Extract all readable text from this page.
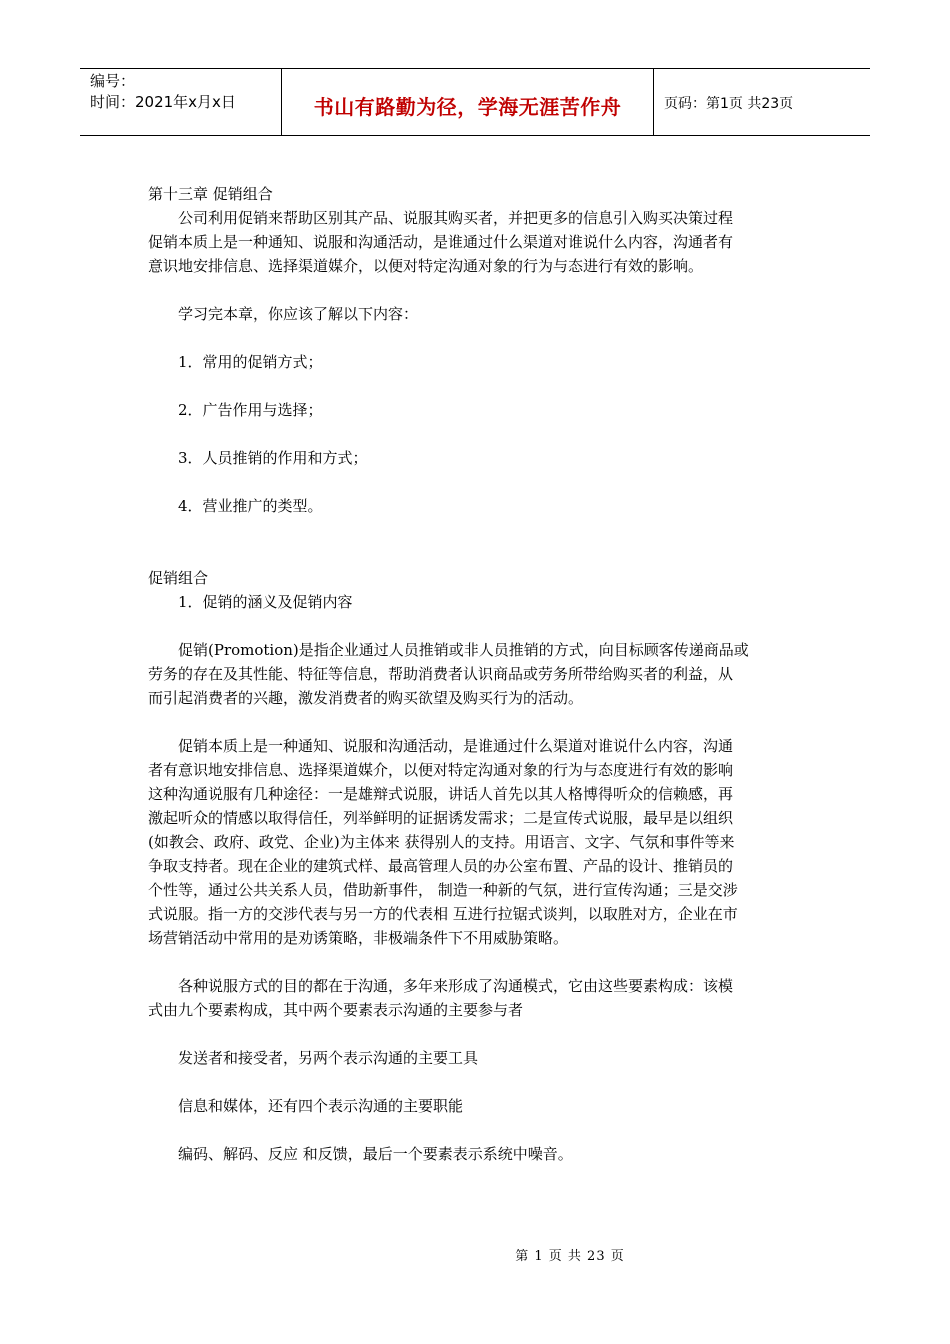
编号：
时间：2021年x月x日	书山有路勤为径，学海无涯苦作舟	页码：第1页 共23页
第十三章 促销组合
公司利用促销来帮助区别其产品、说服其购买者，并把更多的信息引入购买决策过程
促销本质上是一种通知、说服和沟通活动，是谁通过什么渠道对谁说什么内容，沟通者有
意识地安排信息、选择渠道媒介，以便对特定沟通对象的行为与态进行有效的影响。
学习完本章，你应该了解以下内容：
1．常用的促销方式；
2．广告作用与选择；
3．人员推销的作用和方式；
4．营业推广的类型。
促销组合
1．促销的涵义及促销内容
促销(Promotion)是指企业通过人员推销或非人员推销的方式，向目标顾客传递商品或
劳务的存在及其性能、特征等信息，帮助消费者认识商品或劳务所带给购买者的利益，从
而引起消费者的兴趣，激发消费者的购买欲望及购买行为的活动。
促销本质上是一种通知、说服和沟通活动，是谁通过什么渠道对谁说什么内容，沟通
者有意识地安排信息、选择渠道媒介，以便对特定沟通对象的行为与态度进行有效的影响
这种沟通说服有几种途径：一是雄辩式说服，讲话人首先以其人格博得听众的信赖感，再
激起听众的情感以取得信任，列举鲜明的证据诱发需求；二是宣传式说服，最早是以组织
(如教会、政府、政党、企业)为主体来 获得别人的支持。用语言、文字、气氛和事件等来
争取支持者。现在企业的建筑式样、最高管理人员的办公室布置、产品的设计、推销员的
个性等，通过公共关系人员，借助新事件， 制造一种新的气氛，进行宣传沟通；三是交涉
式说服。指一方的交涉代表与另一方的代表相 互进行拉锯式谈判，以取胜对方，企业在市
场营销活动中常用的是劝诱策略，非极端条件下不用威胁策略。
各种说服方式的目的都在于沟通，多年来形成了沟通模式，它由这些要素构成：该模
式由九个要素构成，其中两个要素表示沟通的主要参与者
发送者和接受者，另两个表示沟通的主要工具
信息和媒体，还有四个表示沟通的主要职能
编码、解码、反应 和反馈，最后一个要素表示系统中噪音。
第 1 页 共 23 页
